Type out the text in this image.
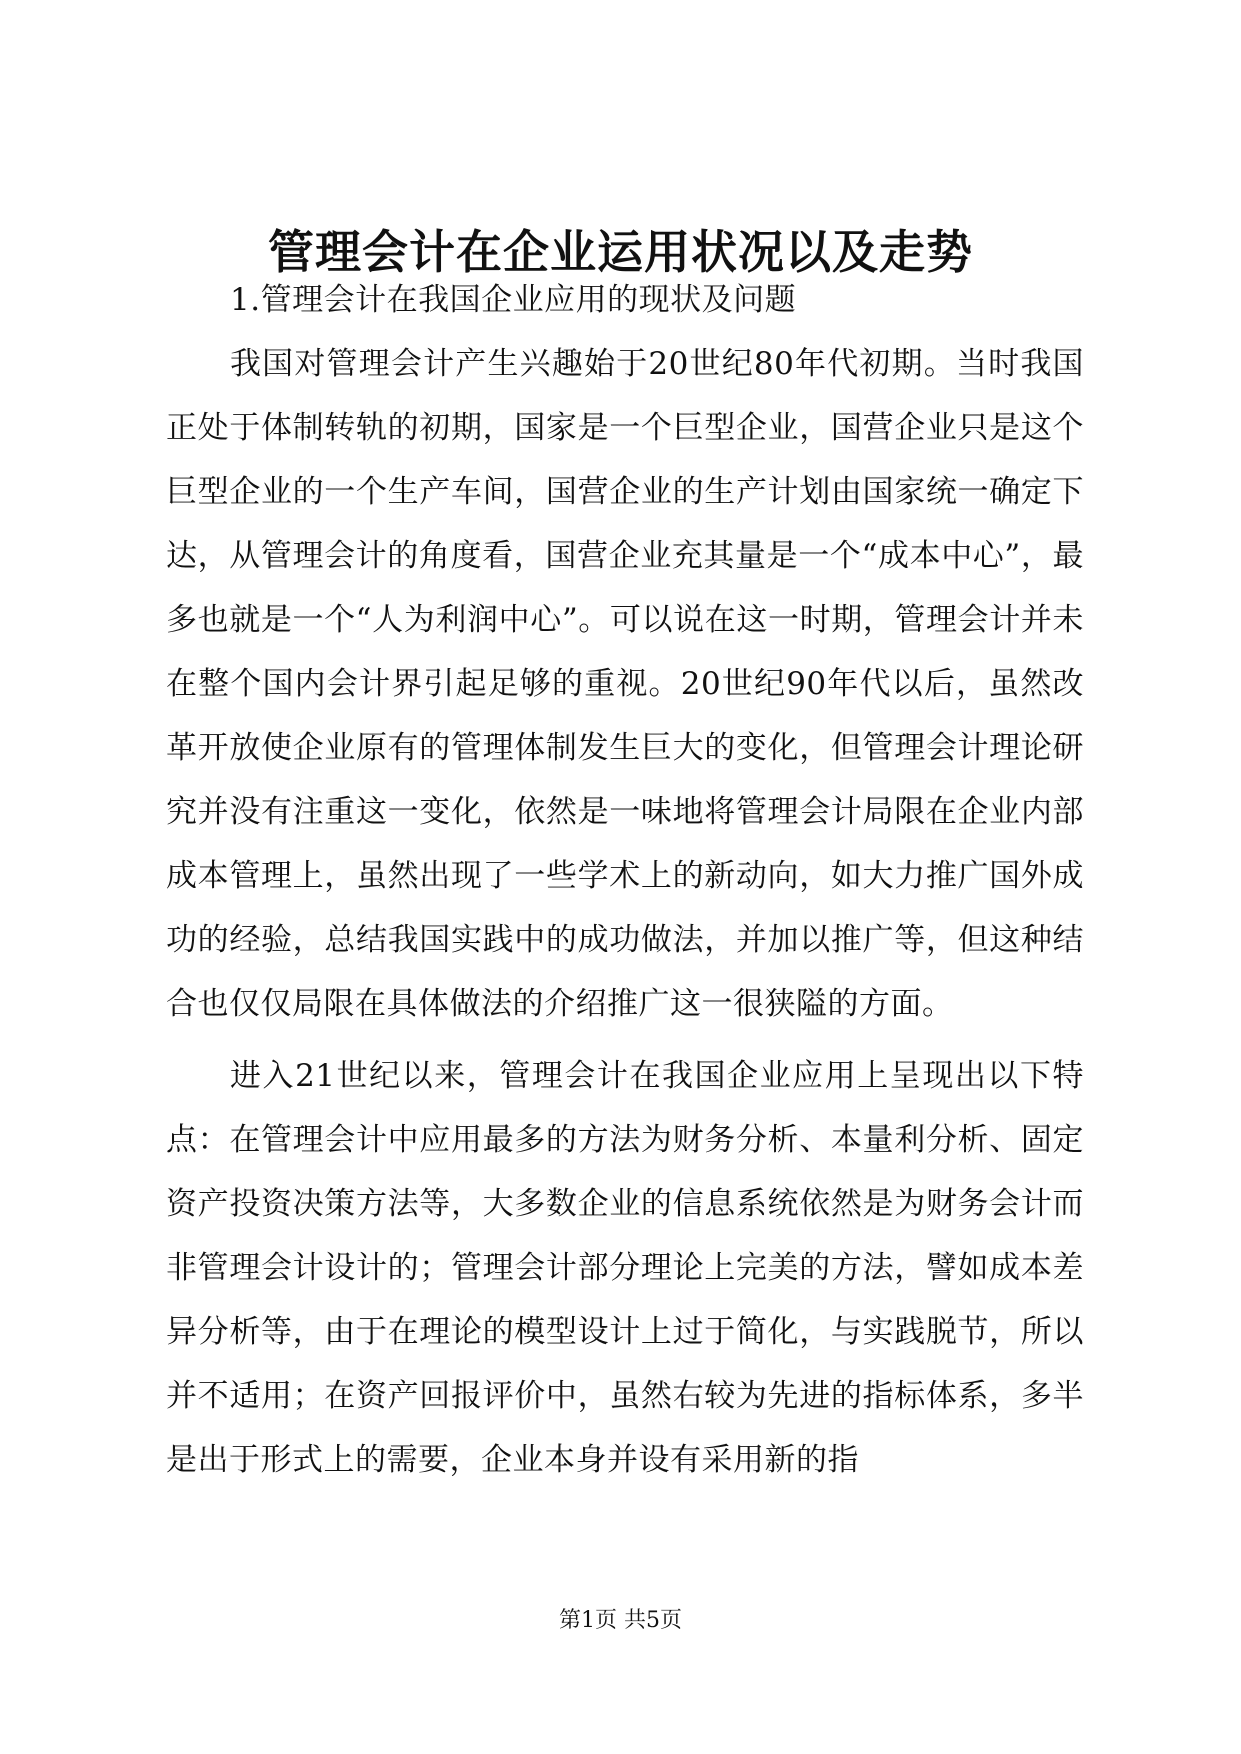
管理会计在企业运用状况以及走势

1.管理会计在我国企业应用的现状及问题

我国对管理会计产生兴趣始于20世纪80年代初期。当时我国正处于体制转轨的初期，国家是一个巨型企业，国营企业只是这个巨型企业的一个生产车间，国营企业的生产计划由国家统一确定下达，从管理会计的角度看，国营企业充其量是一个“成本中心”，最多也就是一个“人为利润中心”。可以说在这一时期，管理会计并未在整个国内会计界引起足够的重视。20世纪90年代以后，虽然改革开放使企业原有的管理体制发生巨大的变化，但管理会计理论研究并没有注重这一变化，依然是一味地将管理会计局限在企业内部成本管理上，虽然出现了一些学术上的新动向，如大力推广国外成功的经验，总结我国实践中的成功做法，并加以推广等，但这种结合也仅仅局限在具体做法的介绍推广这一很狭隘的方面。

进入21世纪以来，管理会计在我国企业应用上呈现出以下特点：在管理会计中应用最多的方法为财务分析、本量利分析、固定资产投资决策方法等，大多数企业的信息系统依然是为财务会计而非管理会计设计的；管理会计部分理论上完美的方法，譬如成本差异分析等，由于在理论的模型设计上过于简化，与实践脱节，所以并不适用；在资产回报评价中，虽然右较为先进的指标体系，多半是出于形式上的需要，企业本身并设有采用新的指

第1页 共5页
